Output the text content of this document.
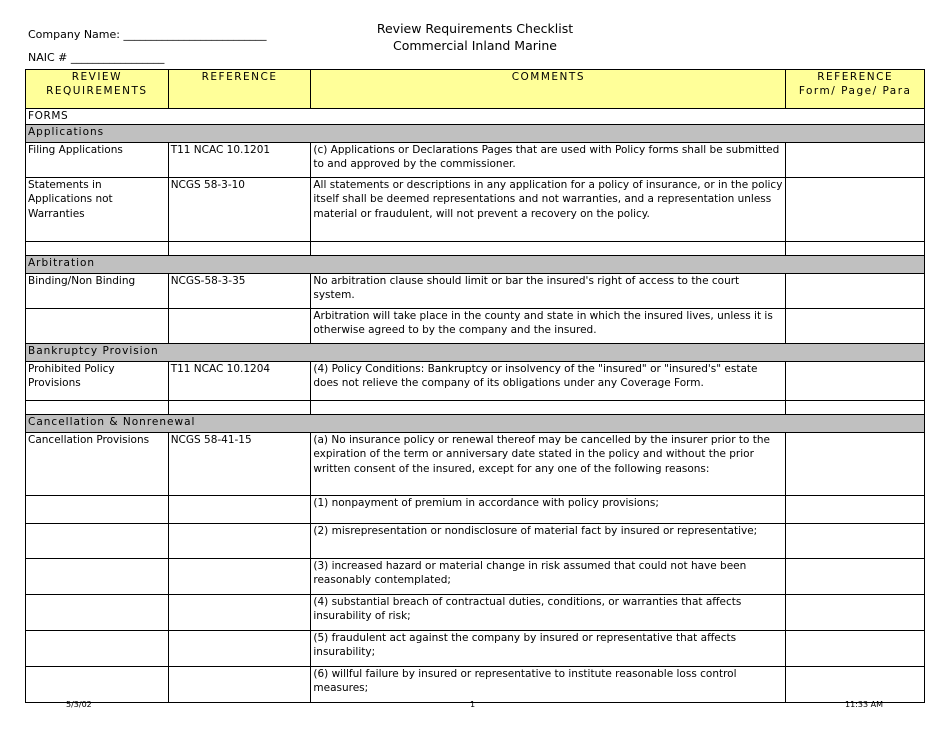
Company Name: __________________________
NAIC # _________________
Review Requirements Checklist
Commercial Inland Marine
REVIEW
REQUIREMENTS	REFERENCE	COMMENTS	REFERENCE
Form/ Page/ Para
FORMS			
Applications			
Filing Applications	T11 NCAC 10.1201	(c) Applications or Declarations Pages that are used with Policy forms shall be submitted to and approved by the commissioner.	
Statements in Applications not Warranties	NCGS 58-3-10	All statements or descriptions in any application for a policy of insurance, or in the policy itself shall be deemed representations and not warranties, and a representation unless material or fraudulent, will not prevent a recovery on the policy.	

Arbitration			
Binding/Non Binding	NCGS-58-3-35	No arbitration clause should limit or bar the insured's right of access to the court system.	
		Arbitration will take place in the county and state in which the insured lives, unless it is otherwise agreed to by the company and the insured.	
Bankruptcy Provision			
Prohibited Policy Provisions	T11 NCAC 10.1204	(4) Policy Conditions: Bankruptcy or insolvency of the "insured" or "insured's" estate does not relieve the company of its obligations under any Coverage Form.	

Cancellation & Nonrenewal			
Cancellation Provisions	NCGS 58-41-15	(a) No insurance policy or renewal thereof may be cancelled by the insurer prior to the expiration of the term or anniversary date stated in the policy and without the prior written consent of the insured, except for any one of the following reasons:	
		(1) nonpayment of premium in accordance with policy provisions;	
		(2) misrepresentation or nondisclosure of material fact by insured or representative;	
		(3) increased hazard or material change in risk assumed that could not have been reasonably contemplated;	
		(4) substantial breach of contractual duties, conditions, or warranties that affects insurability of risk;	
		(5) fraudulent act against the company by insured or representative that affects insurability;	
		(6) willful failure by insured or representative to institute reasonable loss control measures;	
5/3/02	1	11:33 AM
